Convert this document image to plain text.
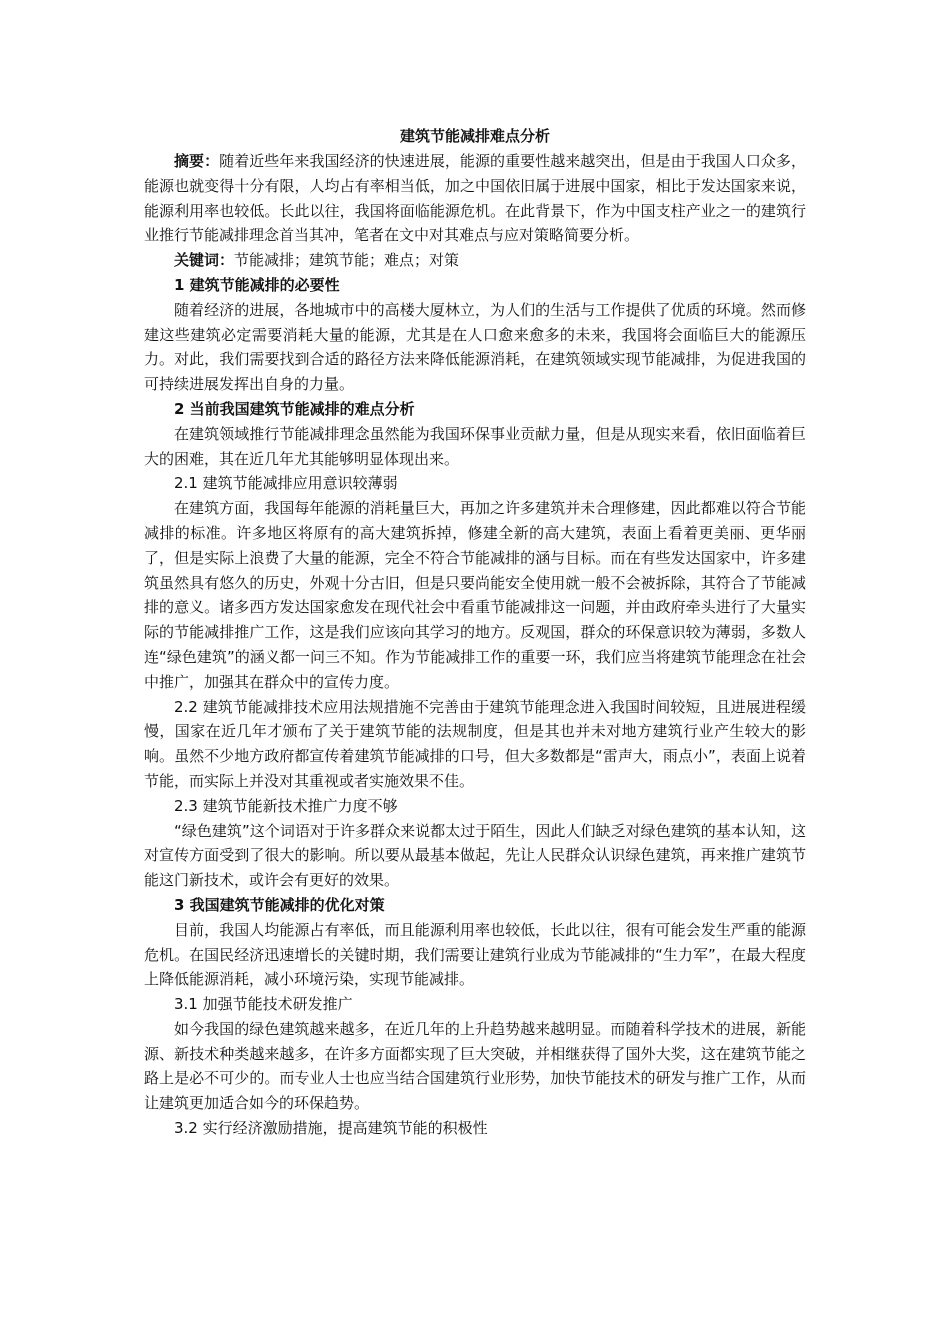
建筑节能减排难点分析

摘要：随着近些年来我国经济的快速进展，能源的重要性越来越突出，但是由于我国人口众多，能源也就变得十分有限，人均占有率相当低，加之中国依旧属于进展中国家，相比于发达国家来说，能源利用率也较低。长此以往，我国将面临能源危机。在此背景下，作为中国支柱产业之一的建筑行业推行节能减排理念首当其冲，笔者在文中对其难点与应对策略简要分析。

关键词：节能减排；建筑节能；难点；对策

1 建筑节能减排的必要性

随着经济的进展，各地城市中的高楼大厦林立，为人们的生活与工作提供了优质的环境。然而修建这些建筑必定需要消耗大量的能源，尤其是在人口愈来愈多的未来，我国将会面临巨大的能源压力。对此，我们需要找到合适的路径方法来降低能源消耗，在建筑领域实现节能减排，为促进我国的可持续进展发挥出自身的力量。

2 当前我国建筑节能减排的难点分析

在建筑领域推行节能减排理念虽然能为我国环保事业贡献力量，但是从现实来看，依旧面临着巨大的困难，其在近几年尤其能够明显体现出来。

2.1 建筑节能减排应用意识较薄弱

在建筑方面，我国每年能源的消耗量巨大，再加之许多建筑并未合理修建，因此都难以符合节能减排的标准。许多地区将原有的高大建筑拆掉，修建全新的高大建筑，表面上看着更美丽、更华丽了，但是实际上浪费了大量的能源，完全不符合节能减排的涵与目标。而在有些发达国家中，许多建筑虽然具有悠久的历史，外观十分古旧，但是只要尚能安全使用就一般不会被拆除，其符合了节能减排的意义。诸多西方发达国家愈发在现代社会中看重节能减排这一问题，并由政府牵头进行了大量实际的节能减排推广工作，这是我们应该向其学习的地方。反观国，群众的环保意识较为薄弱，多数人连“绿色建筑”的涵义都一问三不知。作为节能减排工作的重要一环，我们应当将建筑节能理念在社会中推广，加强其在群众中的宣传力度。

2.2 建筑节能减排技术应用法规措施不完善由于建筑节能理念进入我国时间较短，且进展进程缓慢，国家在近几年才颁布了关于建筑节能的法规制度，但是其也并未对地方建筑行业产生较大的影响。虽然不少地方政府都宣传着建筑节能减排的口号，但大多数都是“雷声大，雨点小”，表面上说着节能，而实际上并没对其重视或者实施效果不佳。

2.3 建筑节能新技术推广力度不够

“绿色建筑”这个词语对于许多群众来说都太过于陌生，因此人们缺乏对绿色建筑的基本认知，这对宣传方面受到了很大的影响。所以要从最基本做起，先让人民群众认识绿色建筑，再来推广建筑节能这门新技术，或许会有更好的效果。

3 我国建筑节能减排的优化对策

目前，我国人均能源占有率低，而且能源利用率也较低，长此以往，很有可能会发生严重的能源危机。在国民经济迅速增长的关键时期，我们需要让建筑行业成为节能减排的“生力军”，在最大程度上降低能源消耗，减小环境污染，实现节能减排。

3.1 加强节能技术研发推广

如今我国的绿色建筑越来越多，在近几年的上升趋势越来越明显。而随着科学技术的进展，新能源、新技术种类越来越多，在许多方面都实现了巨大突破，并相继获得了国外大奖，这在建筑节能之路上是必不可少的。而专业人士也应当结合国建筑行业形势，加快节能技术的研发与推广工作，从而让建筑更加适合如今的环保趋势。

3.2 实行经济激励措施，提高建筑节能的积极性
